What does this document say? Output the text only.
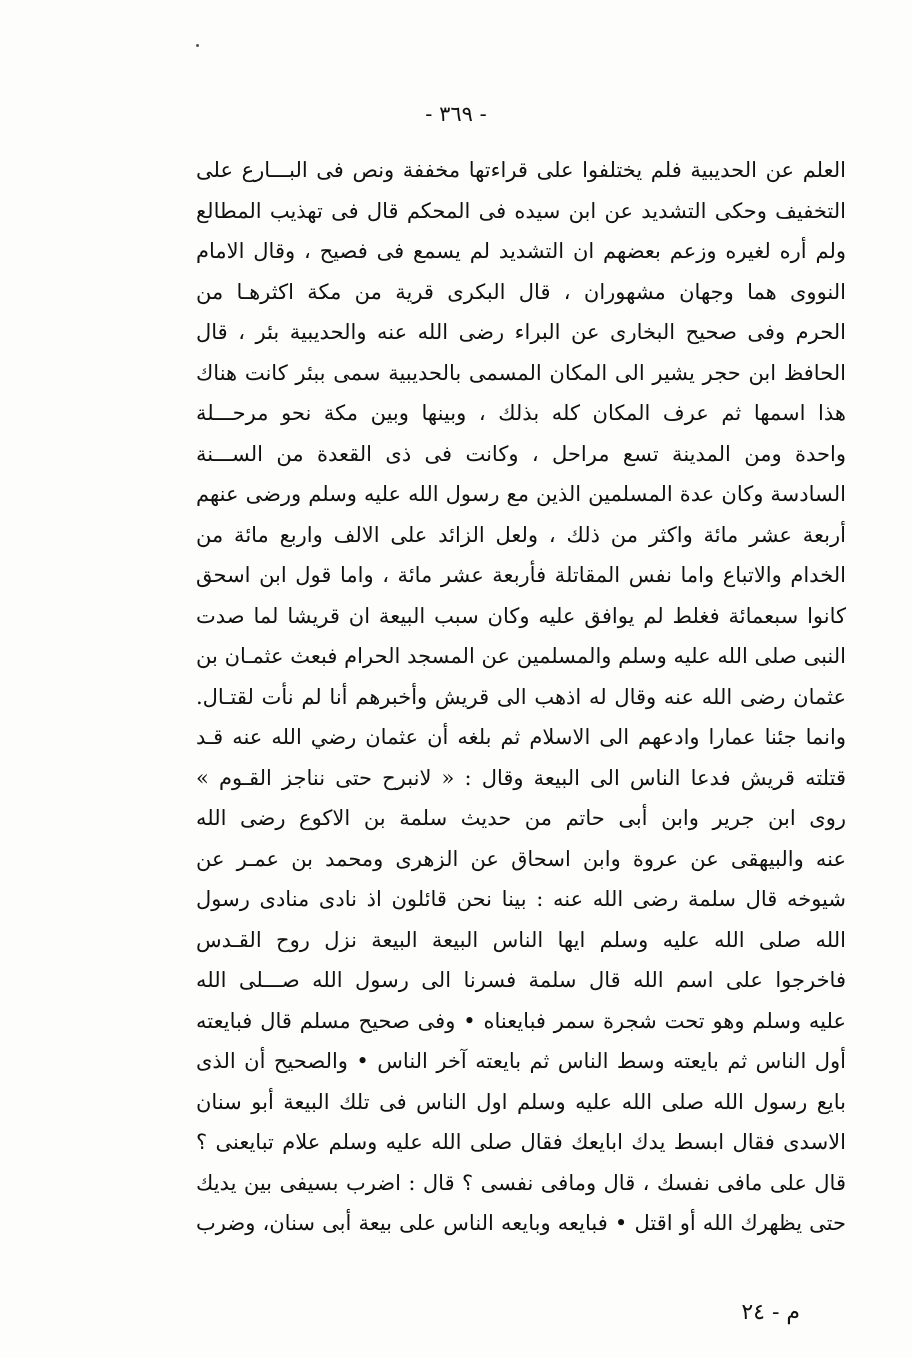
- ٣٦٩ -
العلم عن الحديبية فلم يختلفوا على قراءتها مخففة ونص فى البـــارع على
التخفيف وحكى التشديد عن ابن سيده فى المحكم قال فى تهذيب المطالع
ولم أره لغيره وزعم بعضهم ان التشديد لم يسمع فى فصيح ، وقال الامام
النووى هما وجهان مشهوران ، قال البكرى قرية من مكة اكثرهـا من
الحرم وفى صحيح البخارى عن البراء رضى الله عنه والحديبية بئر ، قال
الحافظ ابن حجر يشير الى المكان المسمى بالحديبية سمى ببئر كانت هناك
هذا اسمها ثم عرف المكان كله بذلك ، وبينها وبين مكة نحو مرحـــلة
واحدة ومن المدينة تسع مراحل ، وكانت فى ذى القعدة من الســـنة
السادسة وكان عدة المسلمين الذين مع رسول الله عليه وسلم ورضى عنهم
أربعة عشر مائة واكثر من ذلك ، ولعل الزائد على الالف واربع مائة من
الخدام والاتباع واما نفس المقاتلة فأربعة عشر مائة ، واما قول ابن اسحق
كانوا سبعمائة فغلط لم يوافق عليه وكان سبب البيعة ان قريشا لما صدت
النبى صلى الله عليه وسلم والمسلمين عن المسجد الحرام فبعث عثمـان بن
عثمان رضى الله عنه وقال له اذهب الى قريش وأخبرهم أنا لم نأت لقتـال.
وانما جئنا عمارا وادعهم الى الاسلام ثم بلغه أن عثمان رضي الله عنه قـد
قتلته قريش فدعا الناس الى البيعة وقال : « لانبرح حتى نناجز القـوم »
روى ابن جرير وابن أبى حاتم من حديث سلمة بن الاكوع رضى الله
عنه والبيهقى عن عروة وابن اسحاق عن الزهرى ومحمد بن عمـر عن
شيوخه قال سلمة رضى الله عنه : بينا نحن قائلون اذ نادى منادى رسول
الله صلى الله عليه وسلم ايها الناس البيعة البيعة نزل روح القـدس
فاخرجوا على اسم الله قال سلمة فسرنا الى رسول الله صـــلى الله
عليه وسلم وهو تحت شجرة سمر فبايعناه • وفى صحيح مسلم قال فبايعته
أول الناس ثم بايعته وسط الناس ثم بايعته آخر الناس • والصحيح أن الذى
بايع رسول الله صلى الله عليه وسلم اول الناس فى تلك البيعة أبو سنان
الاسدى فقال ابسط يدك ابايعك فقال صلى الله عليه وسلم علام تبايعنى ؟
قال على مافى نفسك ، قال ومافى نفسى ؟ قال : اضرب بسيفى بين يديك
حتى يظهرك الله أو اقتل • فبايعه وبايعه الناس على بيعة أبى سنان، وضرب
م - ٢٤
